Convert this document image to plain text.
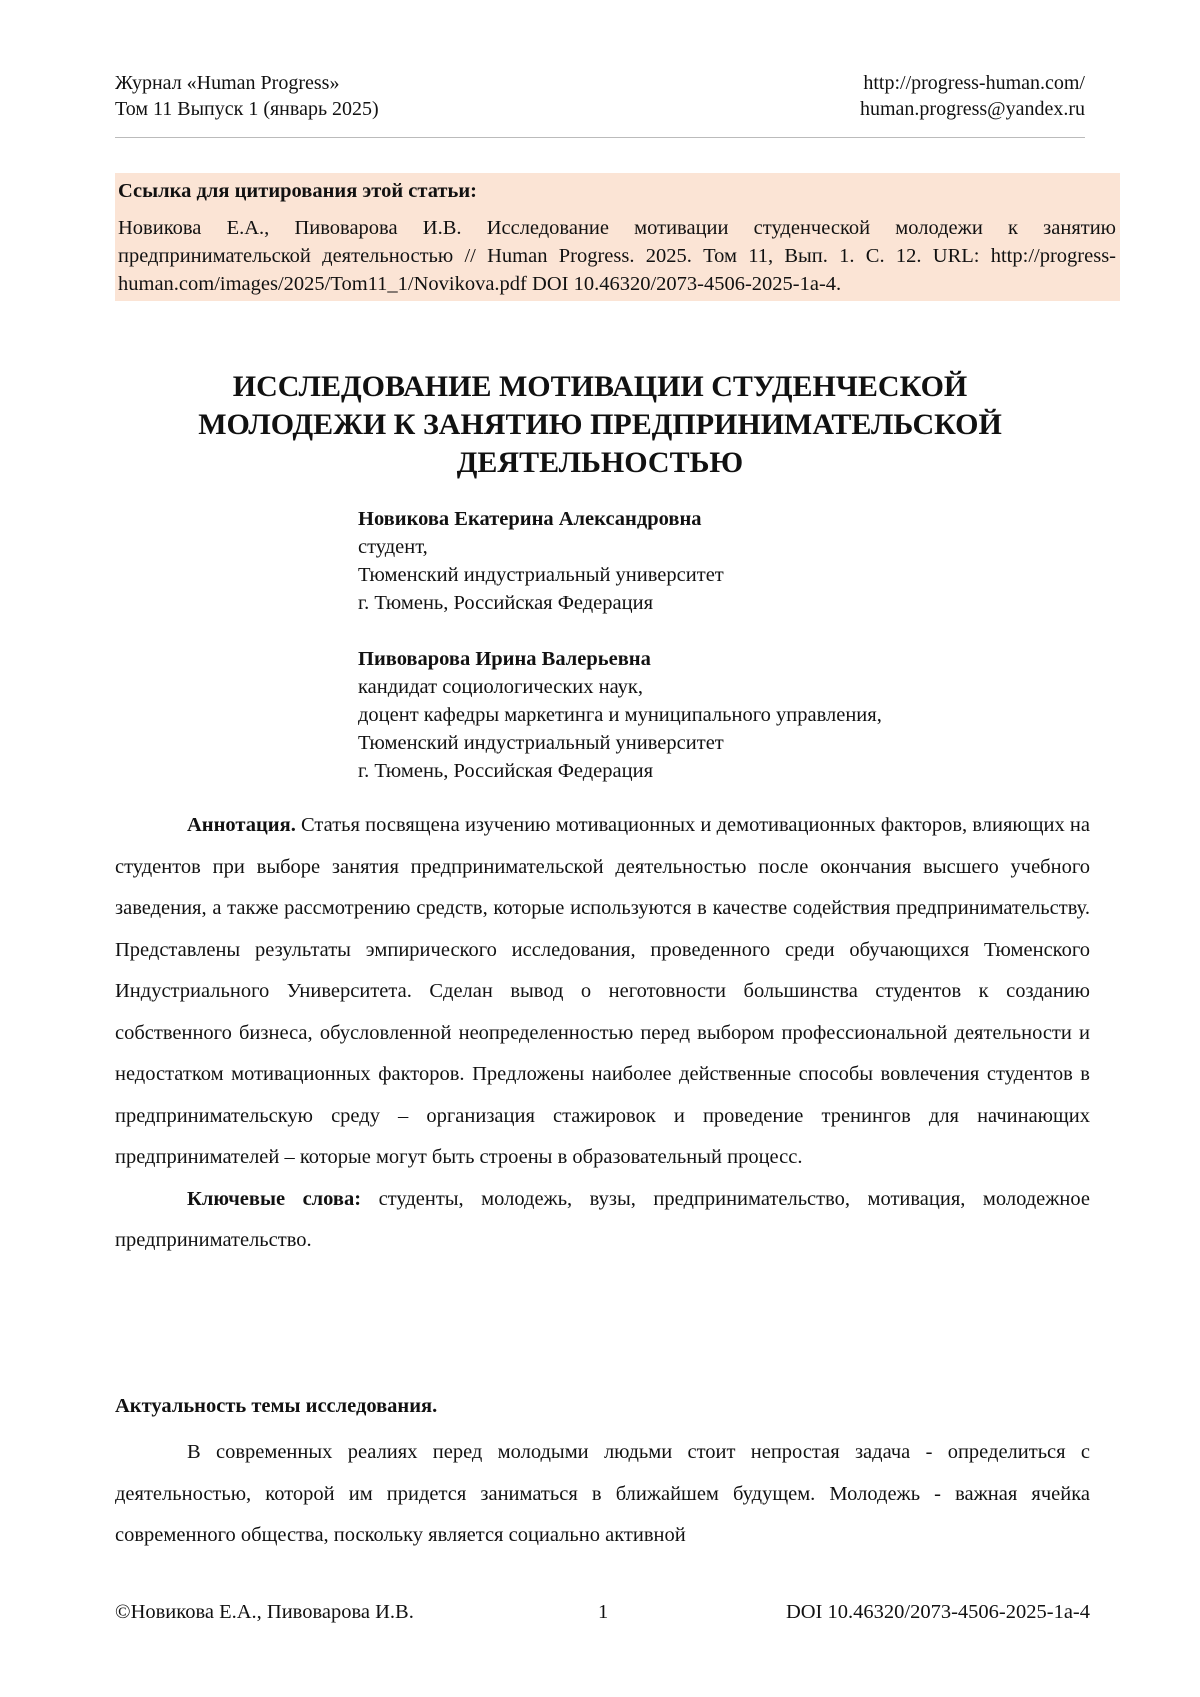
Журнал «Human Progress»
Том 11 Выпуск 1 (январь 2025)
http://progress-human.com/
human.progress@yandex.ru
Ссылка для цитирования этой статьи:
Новикова Е.А., Пивоварова И.В. Исследование мотивации студенческой молодежи к занятию предпринимательской деятельностью // Human Progress. 2025. Том 11, Вып. 1. С. 12. URL: http://progress-human.com/images/2025/Tom11_1/Novikova.pdf DOI 10.46320/2073-4506-2025-1a-4.
ИССЛЕДОВАНИЕ МОТИВАЦИИ СТУДЕНЧЕСКОЙ
МОЛОДЕЖИ К ЗАНЯТИЮ ПРЕДПРИНИМАТЕЛЬСКОЙ
ДЕЯТЕЛЬНОСТЬЮ
Новикова Екатерина Александровна
студент,
Тюменский индустриальный университет
г. Тюмень, Российская Федерация
Пивоварова Ирина Валерьевна
кандидат социологических наук,
доцент кафедры маркетинга и муниципального управления,
Тюменский индустриальный университет
г. Тюмень, Российская Федерация

Аннотация. Статья посвящена изучению мотивационных и демотивационных факторов, влияющих на студентов при выборе занятия предпринимательской деятельностью после окончания высшего учебного заведения, а также рассмотрению средств, которые используются в качестве содействия предпринимательству. Представлены результаты эмпирического исследования, проведенного среди обучающихся Тюменского Индустриального Университета. Сделан вывод о неготовности большинства студентов к созданию собственного бизнеса, обусловленной неопределенностью перед выбором профессиональной деятельности и недостатком мотивационных факторов. Предложены наиболее действенные способы вовлечения студентов в предпринимательскую среду – организация стажировок и проведение тренингов для начинающих предпринимателей – которые могут быть строены в образовательный процесс.

Ключевые слова: студенты, молодежь, вузы, предпринимательство, мотивация, молодежное предпринимательство.

Актуальность темы исследования.

В современных реалиях перед молодыми людьми стоит непростая задача - определиться с деятельностью, которой им придется заниматься в ближайшем будущем. Молодежь - важная ячейка современного общества, поскольку является социально активной

©Новикова Е.А., Пивоварова И.В.	1	DOI 10.46320/2073-4506-2025-1a-4
